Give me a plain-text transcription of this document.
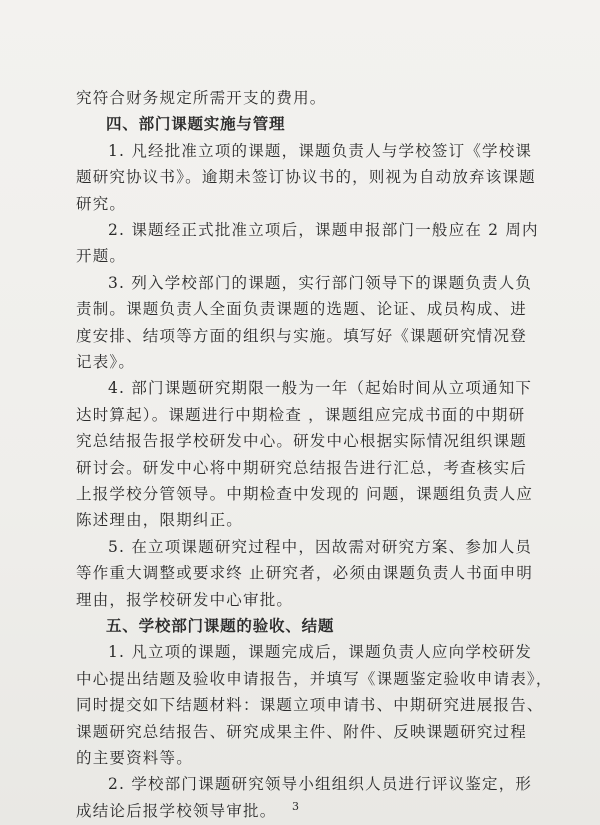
究符合财务规定所需开支的费用。
四、部门课题实施与管理
1. 凡经批准立项的课题，课题负责人与学校签订《学校课
题研究协议书》。逾期未签订协议书的，则视为自动放弃该课题
研究。
2. 课题经正式批准立项后，课题申报部门一般应在 2 周内
开题。
3. 列入学校部门的课题，实行部门领导下的课题负责人负
责制。课题负责人全面负责课题的选题、论证、成员构成、进
度安排、结项等方面的组织与实施。填写好《课题研究情况登
记表》。
4. 部门课题研究期限一般为一年（起始时间从立项通知下
达时算起）。课题进行中期检查 ，课题组应完成书面的中期研
究总结报告报学校研发中心。研发中心根据实际情况组织课题
研讨会。研发中心将中期研究总结报告进行汇总，考查核实后
上报学校分管领导。中期检查中发现的 问题，课题组负责人应
陈述理由，限期纠正。
5. 在立项课题研究过程中，因故需对研究方案、参加人员
等作重大调整或要求终 止研究者，必须由课题负责人书面申明
理由，报学校研发中心审批。
五、学校部门课题的验收、结题
1. 凡立项的课题，课题完成后，课题负责人应向学校研发
中心提出结题及验收申请报告，并填写《课题鉴定验收申请表》，
同时提交如下结题材料：课题立项申请书、中期研究进展报告、
课题研究总结报告、研究成果主件、附件、反映课题研究过程
的主要资料等。
2. 学校部门课题研究领导小组组织人员进行评议鉴定，形
成结论后报学校领导审批。 3
